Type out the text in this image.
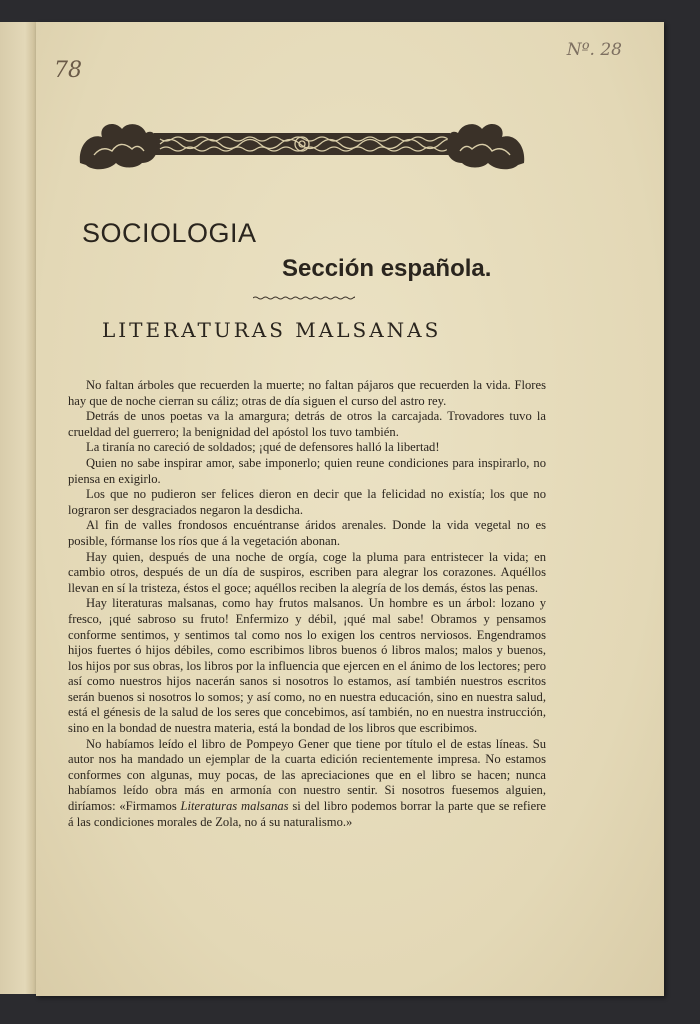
78
Nº. 28
SOCIOLOGIA
Sección española.
LITERATURAS MALSANAS

No faltan árboles que recuerden la muerte; no faltan pájaros que recuerden la vida. Flores hay que de noche cierran su cáliz; otras de día siguen el curso del astro rey.

Detrás de unos poetas va la amargura; detrás de otros la carcajada. Trovadores tuvo la crueldad del guerrero; la benignidad del apóstol los tuvo también.

La tiranía no careció de soldados; ¡qué de defensores halló la libertad!

Quien no sabe inspirar amor, sabe imponerlo; quien reune condiciones para inspirarlo, no piensa en exigirlo.

Los que no pudieron ser felices dieron en decir que la felicidad no existía; los que no lograron ser desgraciados negaron la desdicha.

Al fin de valles frondosos encuéntranse áridos arenales. Donde la vida vegetal no es posible, fórmanse los ríos que á la vegetación abonan.

Hay quien, después de una noche de orgía, coge la pluma para entristecer la vida; en cambio otros, después de un día de suspiros, escriben para alegrar los corazones. Aquéllos llevan en sí la tristeza, éstos el goce; aquéllos reciben la alegría de los demás, éstos las penas.

Hay literaturas malsanas, como hay frutos malsanos. Un hombre es un árbol: lozano y fresco, ¡qué sabroso su fruto! Enfermizo y débil, ¡qué mal sabe! Obramos y pensamos conforme sentimos, y sentimos tal como nos lo exigen los centros nerviosos. Engendramos hijos fuertes ó hijos débiles, como escribimos libros buenos ó libros malos; malos y buenos, los hijos por sus obras, los libros por la influencia que ejercen en el ánimo de los lectores; pero así como nuestros hijos nacerán sanos si nosotros lo estamos, así también nuestros escritos serán buenos si nosotros lo somos; y así como, no en nuestra educación, sino en nuestra salud, está el génesis de la salud de los seres que concebimos, así también, no en nuestra instrucción, sino en la bondad de nuestra materia, está la bondad de los libros que escribimos.

No habíamos leído el libro de Pompeyo Gener que tiene por título el de estas líneas. Su autor nos ha mandado un ejemplar de la cuarta edición recientemente impresa. No estamos conformes con algunas, muy pocas, de las apreciaciones que en el libro se hacen; nunca habíamos leído obra más en armonía con nuestro sentir. Si nosotros fuesemos alguien, diríamos: «Firmamos Literaturas malsanas si del libro podemos borrar la parte que se refiere á las condiciones morales de Zola, no á su naturalismo.»
